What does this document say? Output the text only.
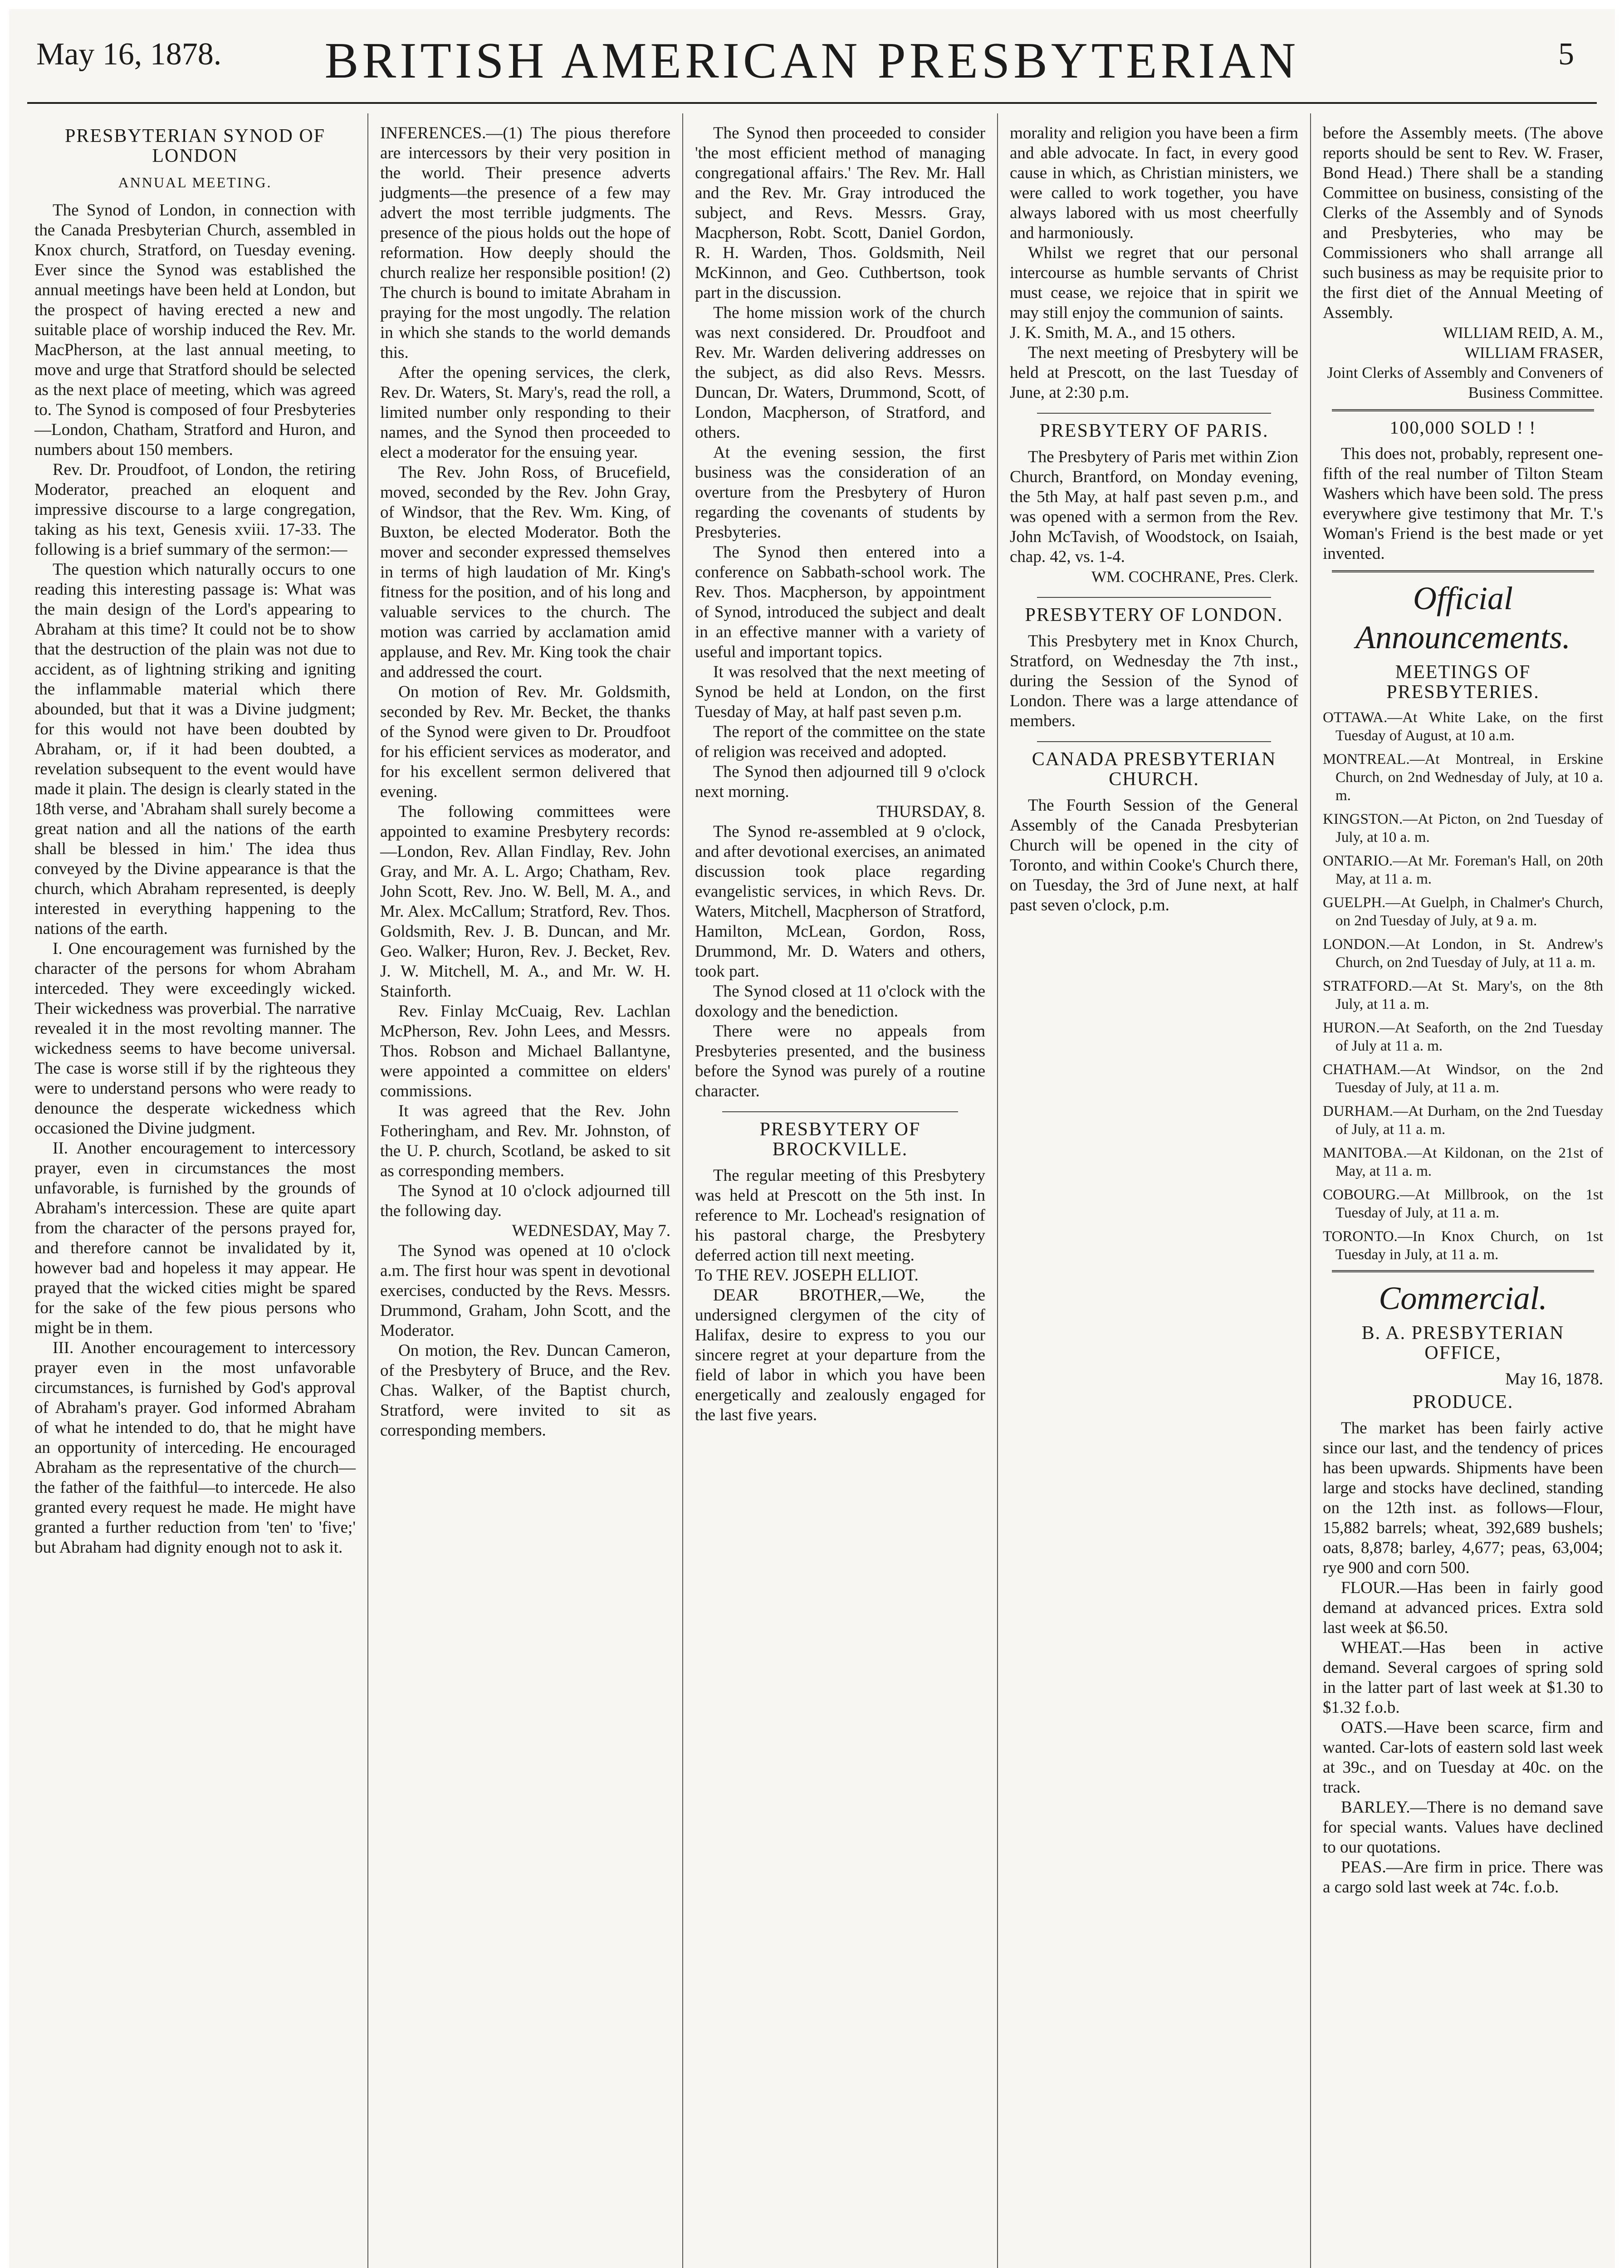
May 16, 1878.	BRITISH AMERICAN PRESBYTERIAN	5
PRESBYTERIAN SYNOD OF LONDON
ANNUAL MEETING.

The Synod of London, in connection with the Canada Presbyterian Church, assembled in Knox church, Stratford, on Tuesday evening. Ever since the Synod was established the annual meetings have been held at London, but the prospect of having erected a new and suitable place of worship induced the Rev. Mr. MacPherson, at the last annual meeting, to move and urge that Stratford should be selected as the next place of meeting, which was agreed to. The Synod is composed of four Presbyteries—London, Chatham, Stratford and Huron, and numbers about 150 members.

Rev. Dr. Proudfoot, of London, the retiring Moderator, preached an eloquent and impressive discourse to a large congregation, taking as his text, Genesis xviii. 17-33. The following is a brief summary of the sermon:—

The question which naturally occurs to one reading this interesting passage is: What was the main design of the Lord's appearing to Abraham at this time? It could not be to show that the destruction of the plain was not due to accident, as of lightning striking and igniting the inflammable material which there abounded, but that it was a Divine judgment; for this would not have been doubted by Abraham, or, if it had been doubted, a revelation subsequent to the event would have made it plain. The design is clearly stated in the 18th verse, and 'Abraham shall surely become a great nation and all the nations of the earth shall be blessed in him.' The idea thus conveyed by the Divine appearance is that the church, which Abraham represented, is deeply interested in everything happening to the nations of the earth.

I. One encouragement was furnished by the character of the persons for whom Abraham interceded. They were exceedingly wicked. Their wickedness was proverbial. The narrative revealed it in the most revolting manner. The wickedness seems to have become universal. The case is worse still if by the righteous they were to understand persons who were ready to denounce the desperate wickedness which occasioned the Divine judgment.

II. Another encouragement to intercessory prayer, even in circumstances the most unfavorable, is furnished by the grounds of Abraham's intercession. These are quite apart from the character of the persons prayed for, and therefore cannot be invalidated by it, however bad and hopeless it may appear. He prayed that the wicked cities might be spared for the sake of the few pious persons who might be in them.

III. Another encouragement to intercessory prayer even in the most unfavorable circumstances, is furnished by God's approval of Abraham's prayer. God informed Abraham of what he intended to do, that he might have an opportunity of interceding. He encouraged Abraham as the representative of the church—the father of the faithful—to intercede. He also granted every request he made. He might have granted a further reduction from 'ten' to 'five;' but Abraham had dignity enough not to ask it.

INFERENCES.—(1) The pious therefore are intercessors by their very position in the world. Their presence adverts judgments—the presence of a few may advert the most terrible judgments. The presence of the pious holds out the hope of reformation. How deeply should the church realize her responsible position! (2) The church is bound to imitate Abraham in praying for the most ungodly. The relation in which she stands to the world demands this.

After the opening services, the clerk, Rev. Dr. Waters, St. Mary's, read the roll, a limited number only responding to their names, and the Synod then proceeded to elect a moderator for the ensuing year.

The Rev. John Ross, of Brucefield, moved, seconded by the Rev. John Gray, of Windsor, that the Rev. Wm. King, of Buxton, be elected Moderator. Both the mover and seconder expressed themselves in terms of high laudation of Mr. King's fitness for the position, and of his long and valuable services to the church. The motion was carried by acclamation amid applause, and Rev. Mr. King took the chair and addressed the court.

On motion of Rev. Mr. Goldsmith, seconded by Rev. Mr. Becket, the thanks of the Synod were given to Dr. Proudfoot for his efficient services as moderator, and for his excellent sermon delivered that evening.

The following committees were appointed to examine Presbytery records:—London, Rev. Allan Findlay, Rev. John Gray, and Mr. A. L. Argo; Chatham, Rev. John Scott, Rev. Jno. W. Bell, M. A., and Mr. Alex. McCallum; Stratford, Rev. Thos. Goldsmith, Rev. J. B. Duncan, and Mr. Geo. Walker; Huron, Rev. J. Becket, Rev. J. W. Mitchell, M. A., and Mr. W. H. Stainforth.

Rev. Finlay McCuaig, Rev. Lachlan McPherson, Rev. John Lees, and Messrs. Thos. Robson and Michael Ballantyne, were appointed a committee on elders' commissions.

It was agreed that the Rev. John Fotheringham, and Rev. Mr. Johnston, of the U. P. church, Scotland, be asked to sit as corresponding members.

The Synod at 10 o'clock adjourned till the following day.

WEDNESDAY, May 7.

The Synod was opened at 10 o'clock a.m. The first hour was spent in devotional exercises, conducted by the Revs. Messrs. Drummond, Graham, John Scott, and the Moderator.

On motion, the Rev. Duncan Cameron, of the Presbytery of Bruce, and the Rev. Chas. Walker, of the Baptist church, Stratford, were invited to sit as corresponding members.

The Synod then proceeded to consider 'the most efficient method of managing congregational affairs.' The Rev. Mr. Hall and the Rev. Mr. Gray introduced the subject, and Revs. Messrs. Gray, Macpherson, Robt. Scott, Daniel Gordon, R. H. Warden, Thos. Goldsmith, Neil McKinnon, and Geo. Cuthbertson, took part in the discussion.

The home mission work of the church was next considered. Dr. Proudfoot and Rev. Mr. Warden delivering addresses on the subject, as did also Revs. Messrs. Duncan, Dr. Waters, Drummond, Scott, of London, Macpherson, of Stratford, and others.

At the evening session, the first business was the consideration of an overture from the Presbytery of Huron regarding the covenants of students by Presbyteries.

The Synod then entered into a conference on Sabbath-school work. The Rev. Thos. Macpherson, by appointment of Synod, introduced the subject and dealt in an effective manner with a variety of useful and important topics.

It was resolved that the next meeting of Synod be held at London, on the first Tuesday of May, at half past seven p.m.

The report of the committee on the state of religion was received and adopted.

The Synod then adjourned till 9 o'clock next morning.

THURSDAY, 8.

The Synod re-assembled at 9 o'clock, and after devotional exercises, an animated discussion took place regarding evangelistic services, in which Revs. Dr. Waters, Mitchell, Macpherson of Stratford, Hamilton, McLean, Gordon, Ross, Drummond, Mr. D. Waters and others, took part.

The Synod closed at 11 o'clock with the doxology and the benediction.

There were no appeals from Presbyteries presented, and the business before the Synod was purely of a routine character.

PRESBYTERY OF BROCKVILLE.

The regular meeting of this Presbytery was held at Prescott on the 5th inst. In reference to Mr. Lochead's resignation of his pastoral charge, the Presbytery deferred action till next meeting.

To THE REV. JOSEPH ELLIOT.

DEAR BROTHER,—We, the undersigned clergymen of the city of Halifax, desire to express to you our sincere regret at your departure from the field of labor in which you have been energetically and zealously engaged for the last five years.

morality and religion you have been a firm and able advocate. In fact, in every good cause in which, as Christian ministers, we were called to work together, you have always labored with us most cheerfully and harmoniously.

Whilst we regret that our personal intercourse as humble servants of Christ must cease, we rejoice that in spirit we may still enjoy the communion of saints.

J. K. Smith, M. A., and 15 others.

The next meeting of Presbytery will be held at Prescott, on the last Tuesday of June, at 2:30 p.m.

PRESBYTERY OF PARIS.

The Presbytery of Paris met within Zion Church, Brantford, on Monday evening, the 5th May, at half past seven p.m., and was opened with a sermon from the Rev. John McTavish, of Woodstock, on Isaiah, chap. 42, vs. 1-4.

WM. COCHRANE, Pres. Clerk.
PRESBYTERY OF LONDON.

This Presbytery met in Knox Church, Stratford, on Wednesday the 7th inst., during the Session of the Synod of London. There was a large attendance of members.

CANADA PRESBYTERIAN CHURCH.

The Fourth Session of the General Assembly of the Canada Presbyterian Church will be opened in the city of Toronto, and within Cooke's Church there, on Tuesday, the 3rd of June next, at half past seven o'clock, p.m.

before the Assembly meets. (The above reports should be sent to Rev. W. Fraser, Bond Head.) There shall be a standing Committee on business, consisting of the Clerks of the Assembly and of Synods and Presbyteries, who may be Commissioners who shall arrange all such business as may be requisite prior to the first diet of the Annual Meeting of Assembly.

WILLIAM REID, A. M.,
WILLIAM FRASER,
Joint Clerks of Assembly and Conveners of Business Committee.
100,000 SOLD ! !

This does not, probably, represent one-fifth of the real number of Tilton Steam Washers which have been sold. The press everywhere give testimony that Mr. T.'s Woman's Friend is the best made or yet invented.

Official Announcements.
MEETINGS OF PRESBYTERIES.

OTTAWA.—At White Lake, on the first Tuesday of August, at 10 a.m.

MONTREAL.—At Montreal, in Erskine Church, on 2nd Wednesday of July, at 10 a. m.

KINGSTON.—At Picton, on 2nd Tuesday of July, at 10 a. m.

ONTARIO.—At Mr. Foreman's Hall, on 20th May, at 11 a. m.

GUELPH.—At Guelph, in Chalmer's Church, on 2nd Tuesday of July, at 9 a. m.

LONDON.—At London, in St. Andrew's Church, on 2nd Tuesday of July, at 11 a. m.

STRATFORD.—At St. Mary's, on the 8th July, at 11 a. m.

HURON.—At Seaforth, on the 2nd Tuesday of July at 11 a. m.

CHATHAM.—At Windsor, on the 2nd Tuesday of July, at 11 a. m.

DURHAM.—At Durham, on the 2nd Tuesday of July, at 11 a. m.

MANITOBA.—At Kildonan, on the 21st of May, at 11 a. m.

COBOURG.—At Millbrook, on the 1st Tuesday of July, at 11 a. m.

TORONTO.—In Knox Church, on 1st Tuesday in July, at 11 a. m.

Commercial.
B. A. PRESBYTERIAN OFFICE,

May 16, 1878.

PRODUCE.

The market has been fairly active since our last, and the tendency of prices has been upwards. Shipments have been large and stocks have declined, standing on the 12th inst. as follows—Flour, 15,882 barrels; wheat, 392,689 bushels; oats, 8,878; barley, 4,677; peas, 63,004; rye 900 and corn 500.

FLOUR.—Has been in fairly good demand at advanced prices. Extra sold last week at $6.50.

WHEAT.—Has been in active demand. Several cargoes of spring sold in the latter part of last week at $1.30 to $1.32 f.o.b.

OATS.—Have been scarce, firm and wanted. Car-lots of eastern sold last week at 39c., and on Tuesday at 40c. on the track.

BARLEY.—There is no demand save for special wants. Values have declined to our quotations.

PEAS.—Are firm in price. There was a cargo sold last week at 74c. f.o.b.
